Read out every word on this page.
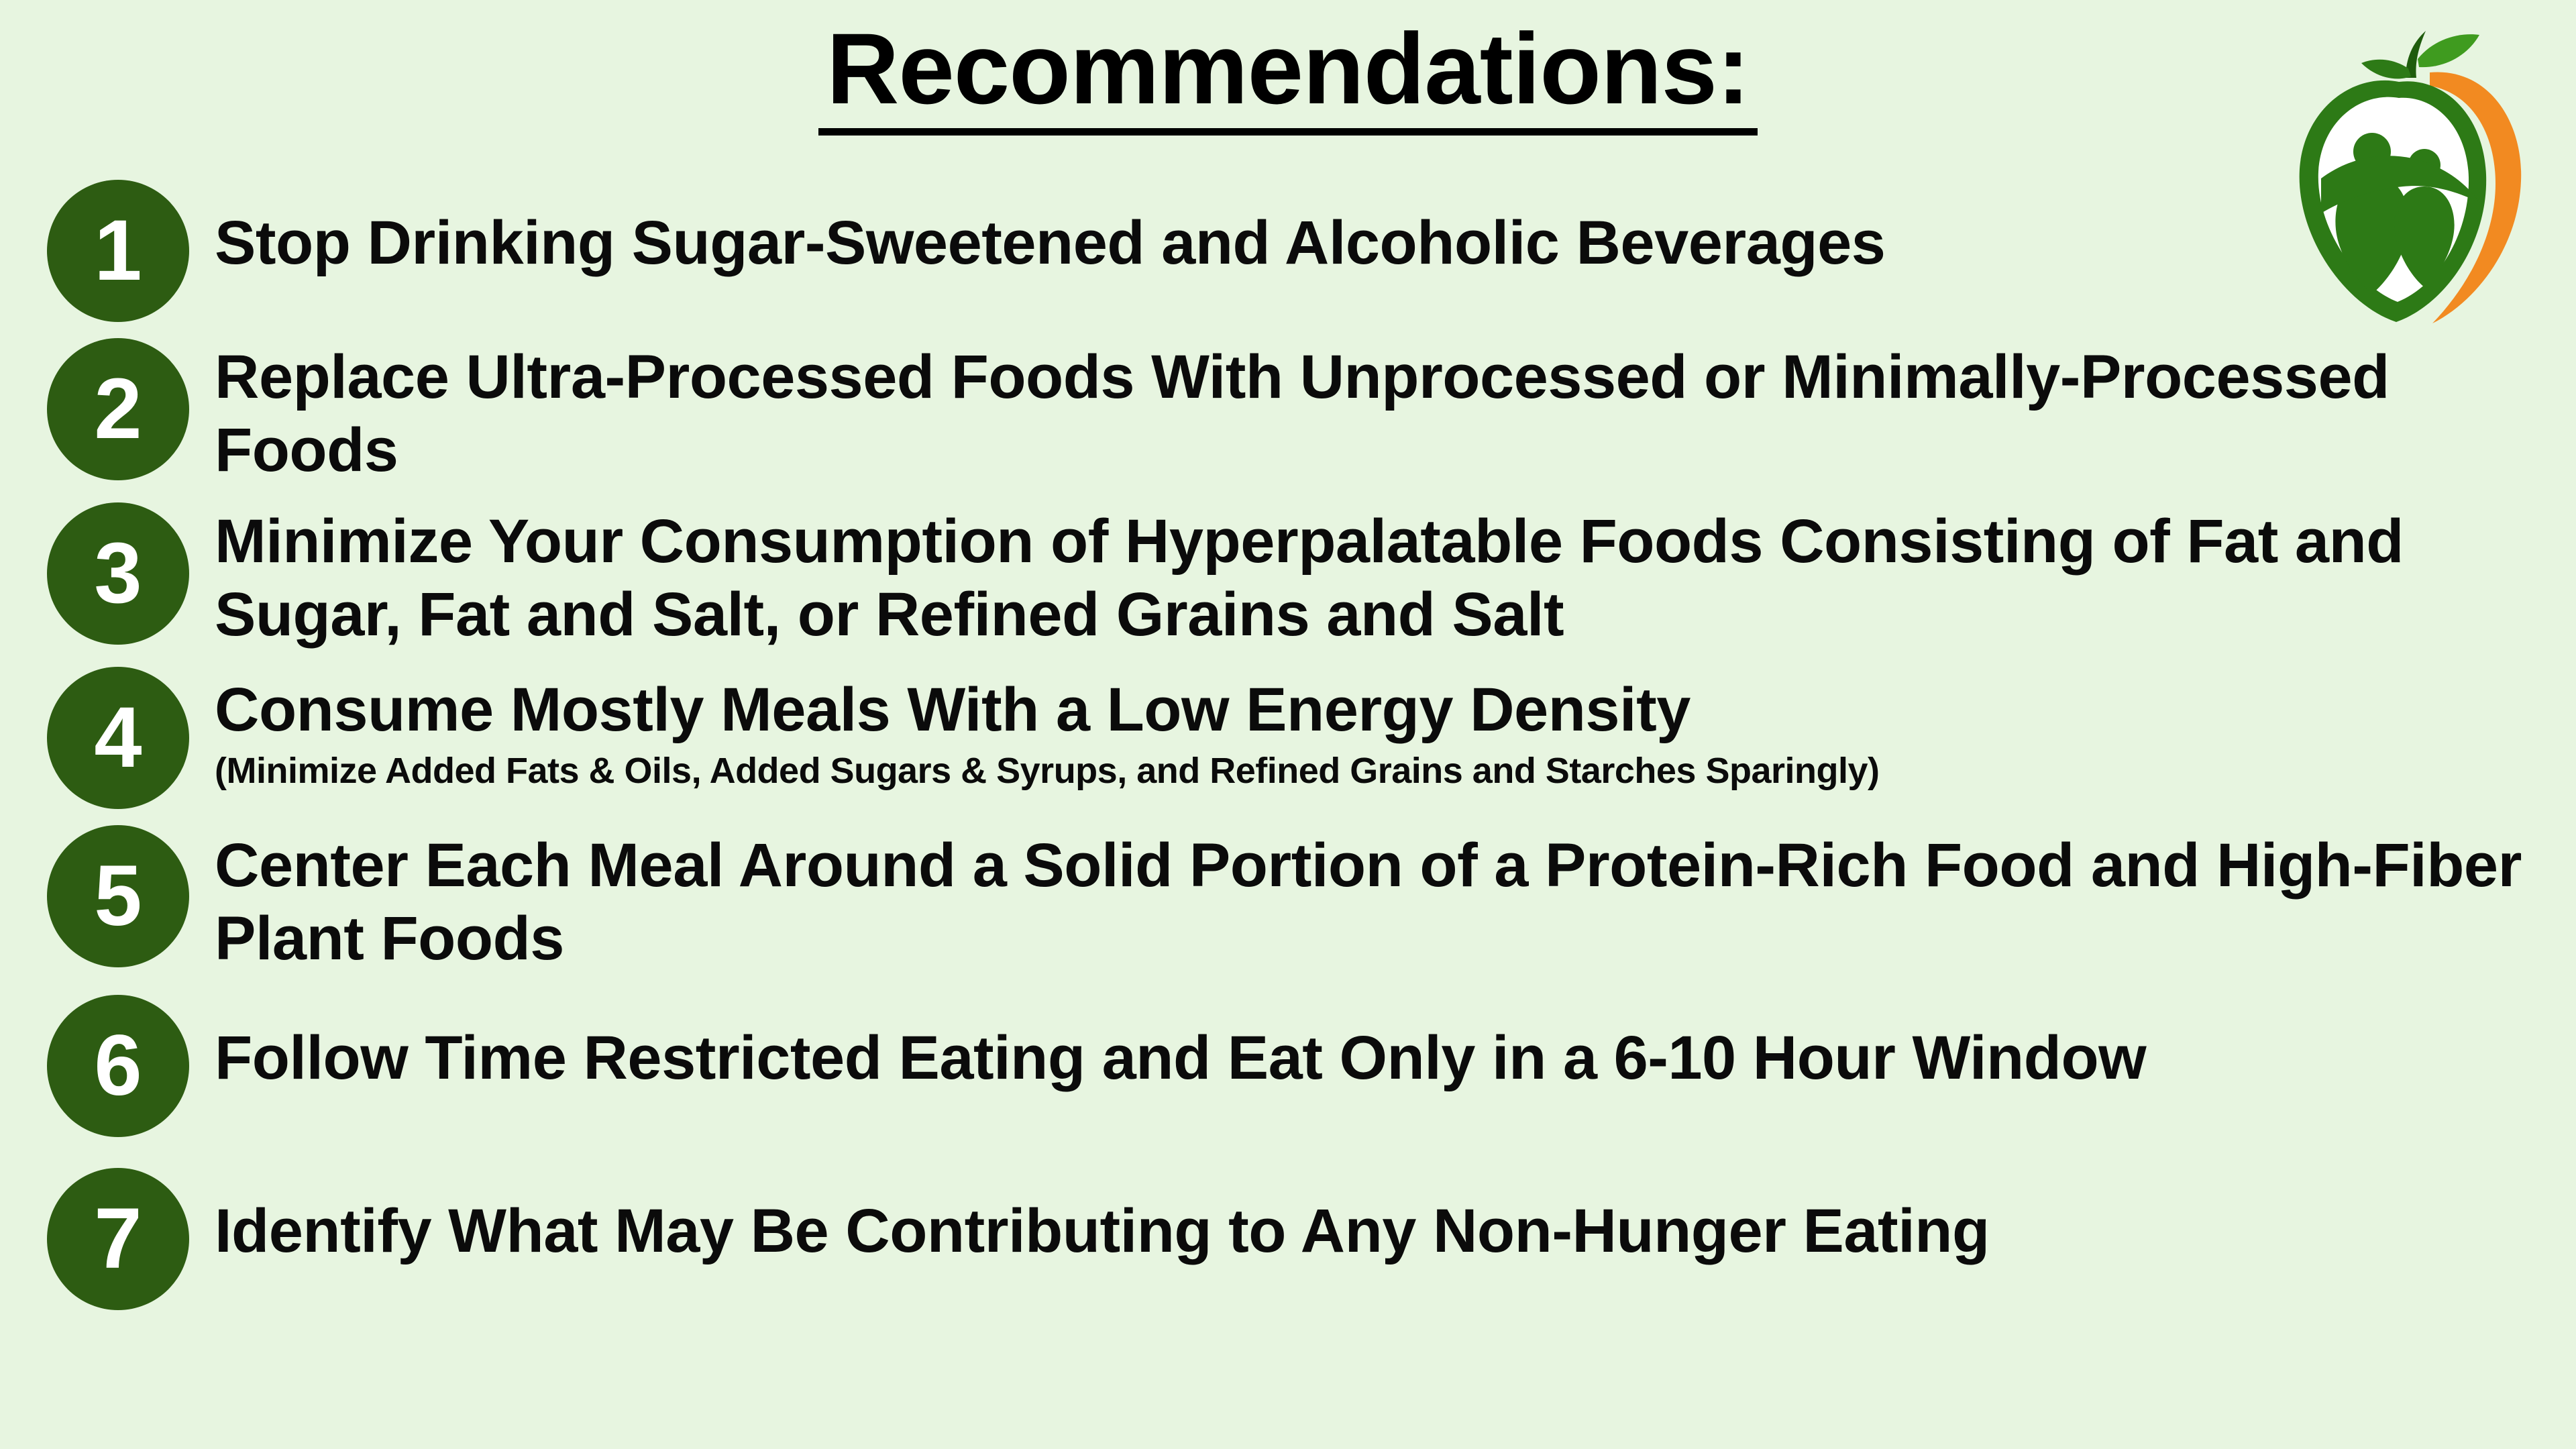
Recommendations:
1	Stop Drinking Sugar-Sweetened and Alcoholic Beverages
2	Replace Ultra-Processed Foods With Unprocessed or Minimally-Processed Foods
3	Minimize Your Consumption of Hyperpalatable Foods Consisting of Fat and Sugar, Fat and Salt, or Refined Grains and Salt
4	Consume Mostly Meals With a Low Energy Density
(Minimize Added Fats & Oils, Added Sugars & Syrups, and Refined Grains and Starches Sparingly)
5	Center Each Meal Around a Solid Portion of a Protein-Rich Food and High-Fiber Plant Foods
6	Follow Time Restricted Eating and Eat Only in a 6-10 Hour Window
7	Identify What May Be Contributing to Any Non-Hunger Eating
